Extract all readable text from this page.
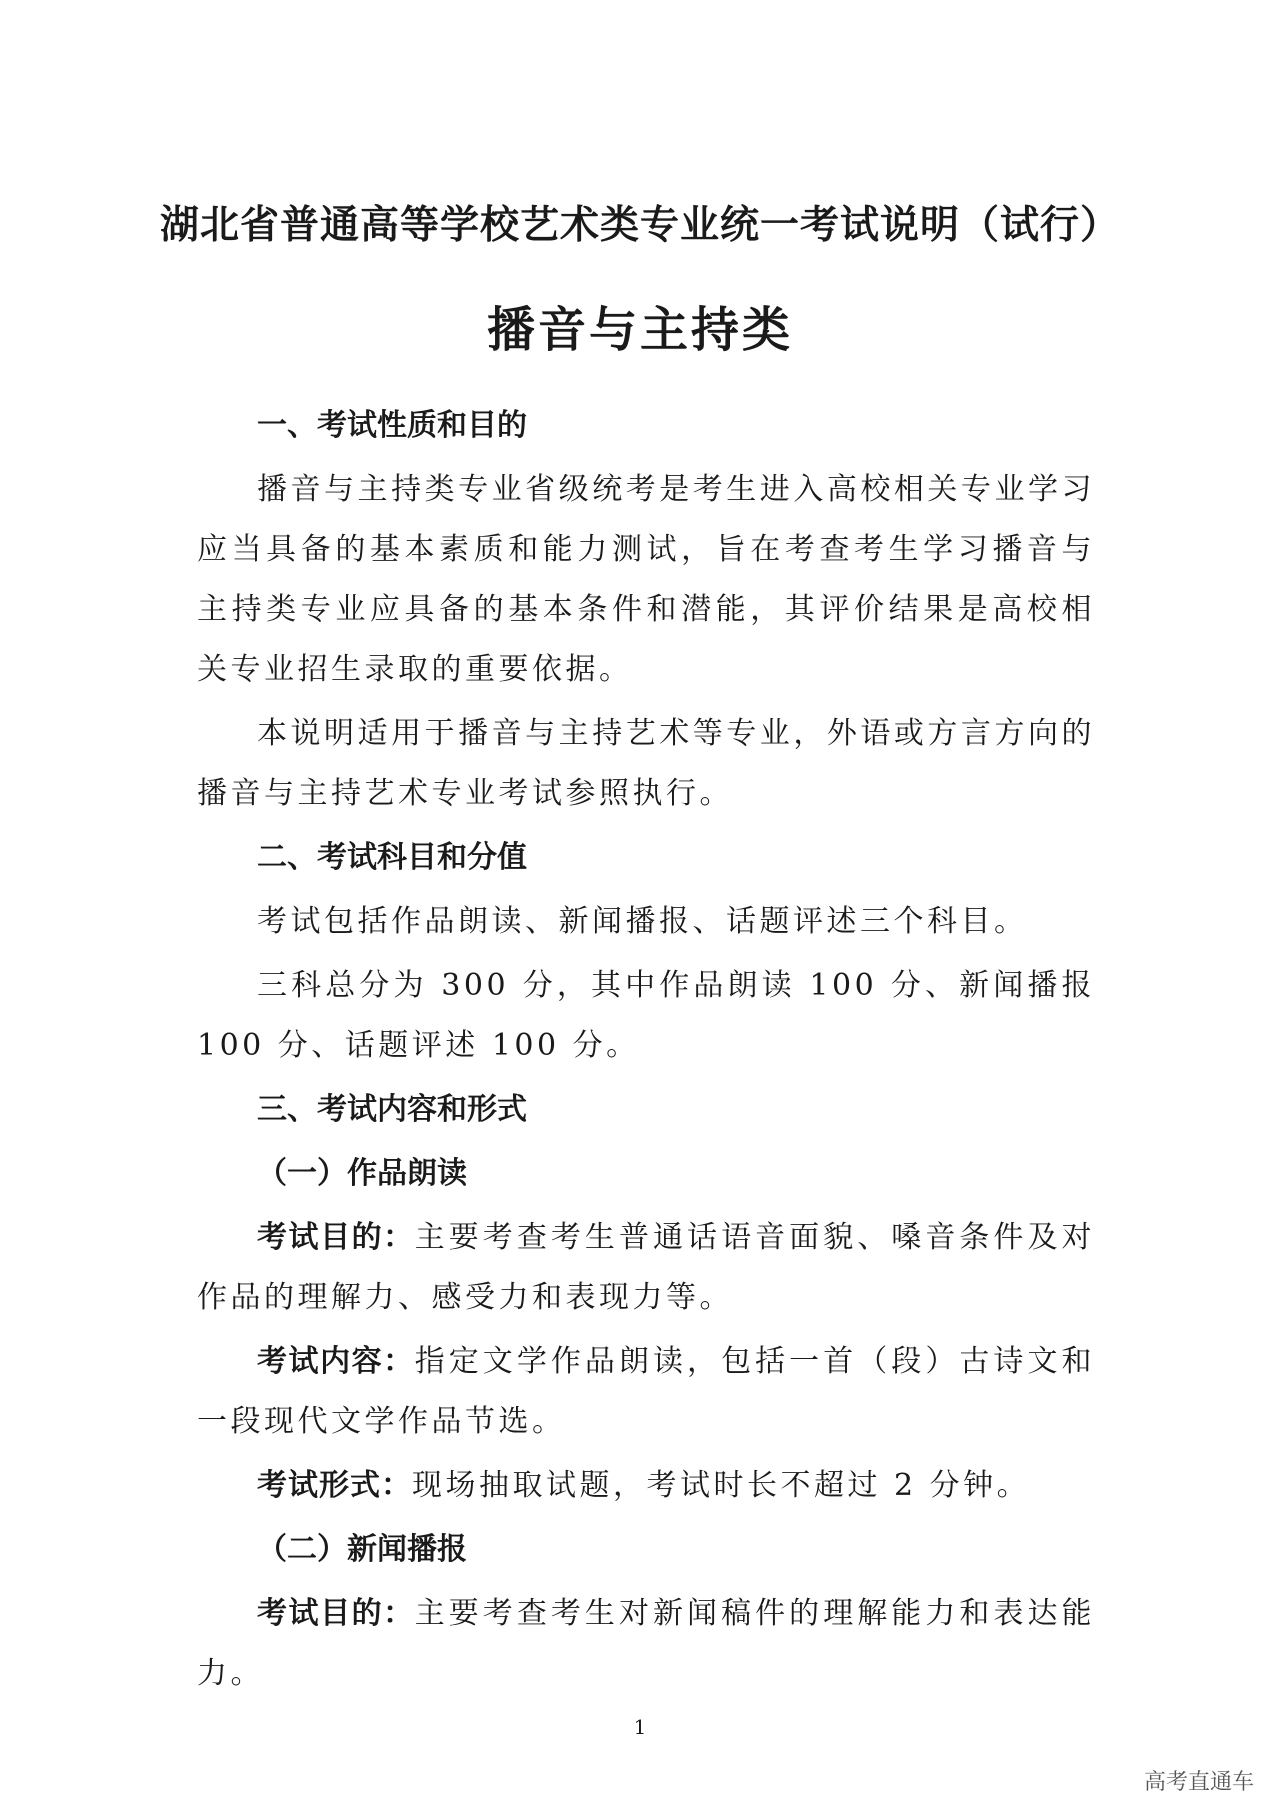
湖北省普通高等学校艺术类专业统一考试说明（试行）
播音与主持类
一、考试性质和目的

播音与主持类专业省级统考是考生进入高校相关专业学习应当具备的基本素质和能力测试，旨在考查考生学习播音与主持类专业应具备的基本条件和潜能，其评价结果是高校相关专业招生录取的重要依据。

本说明适用于播音与主持艺术等专业，外语或方言方向的播音与主持艺术专业考试参照执行。

二、考试科目和分值

考试包括作品朗读、新闻播报、话题评述三个科目。

三科总分为 300 分，其中作品朗读 100 分、新闻播报 100 分、话题评述 100 分。

三、考试内容和形式
（一）作品朗读

考试目的：主要考查考生普通话语音面貌、嗓音条件及对作品的理解力、感受力和表现力等。

考试内容：指定文学作品朗读，包括一首（段）古诗文和一段现代文学作品节选。

考试形式：现场抽取试题，考试时长不超过 2 分钟。

（二）新闻播报

考试目的：主要考查考生对新闻稿件的理解能力和表达能力。

1
高考直通车
